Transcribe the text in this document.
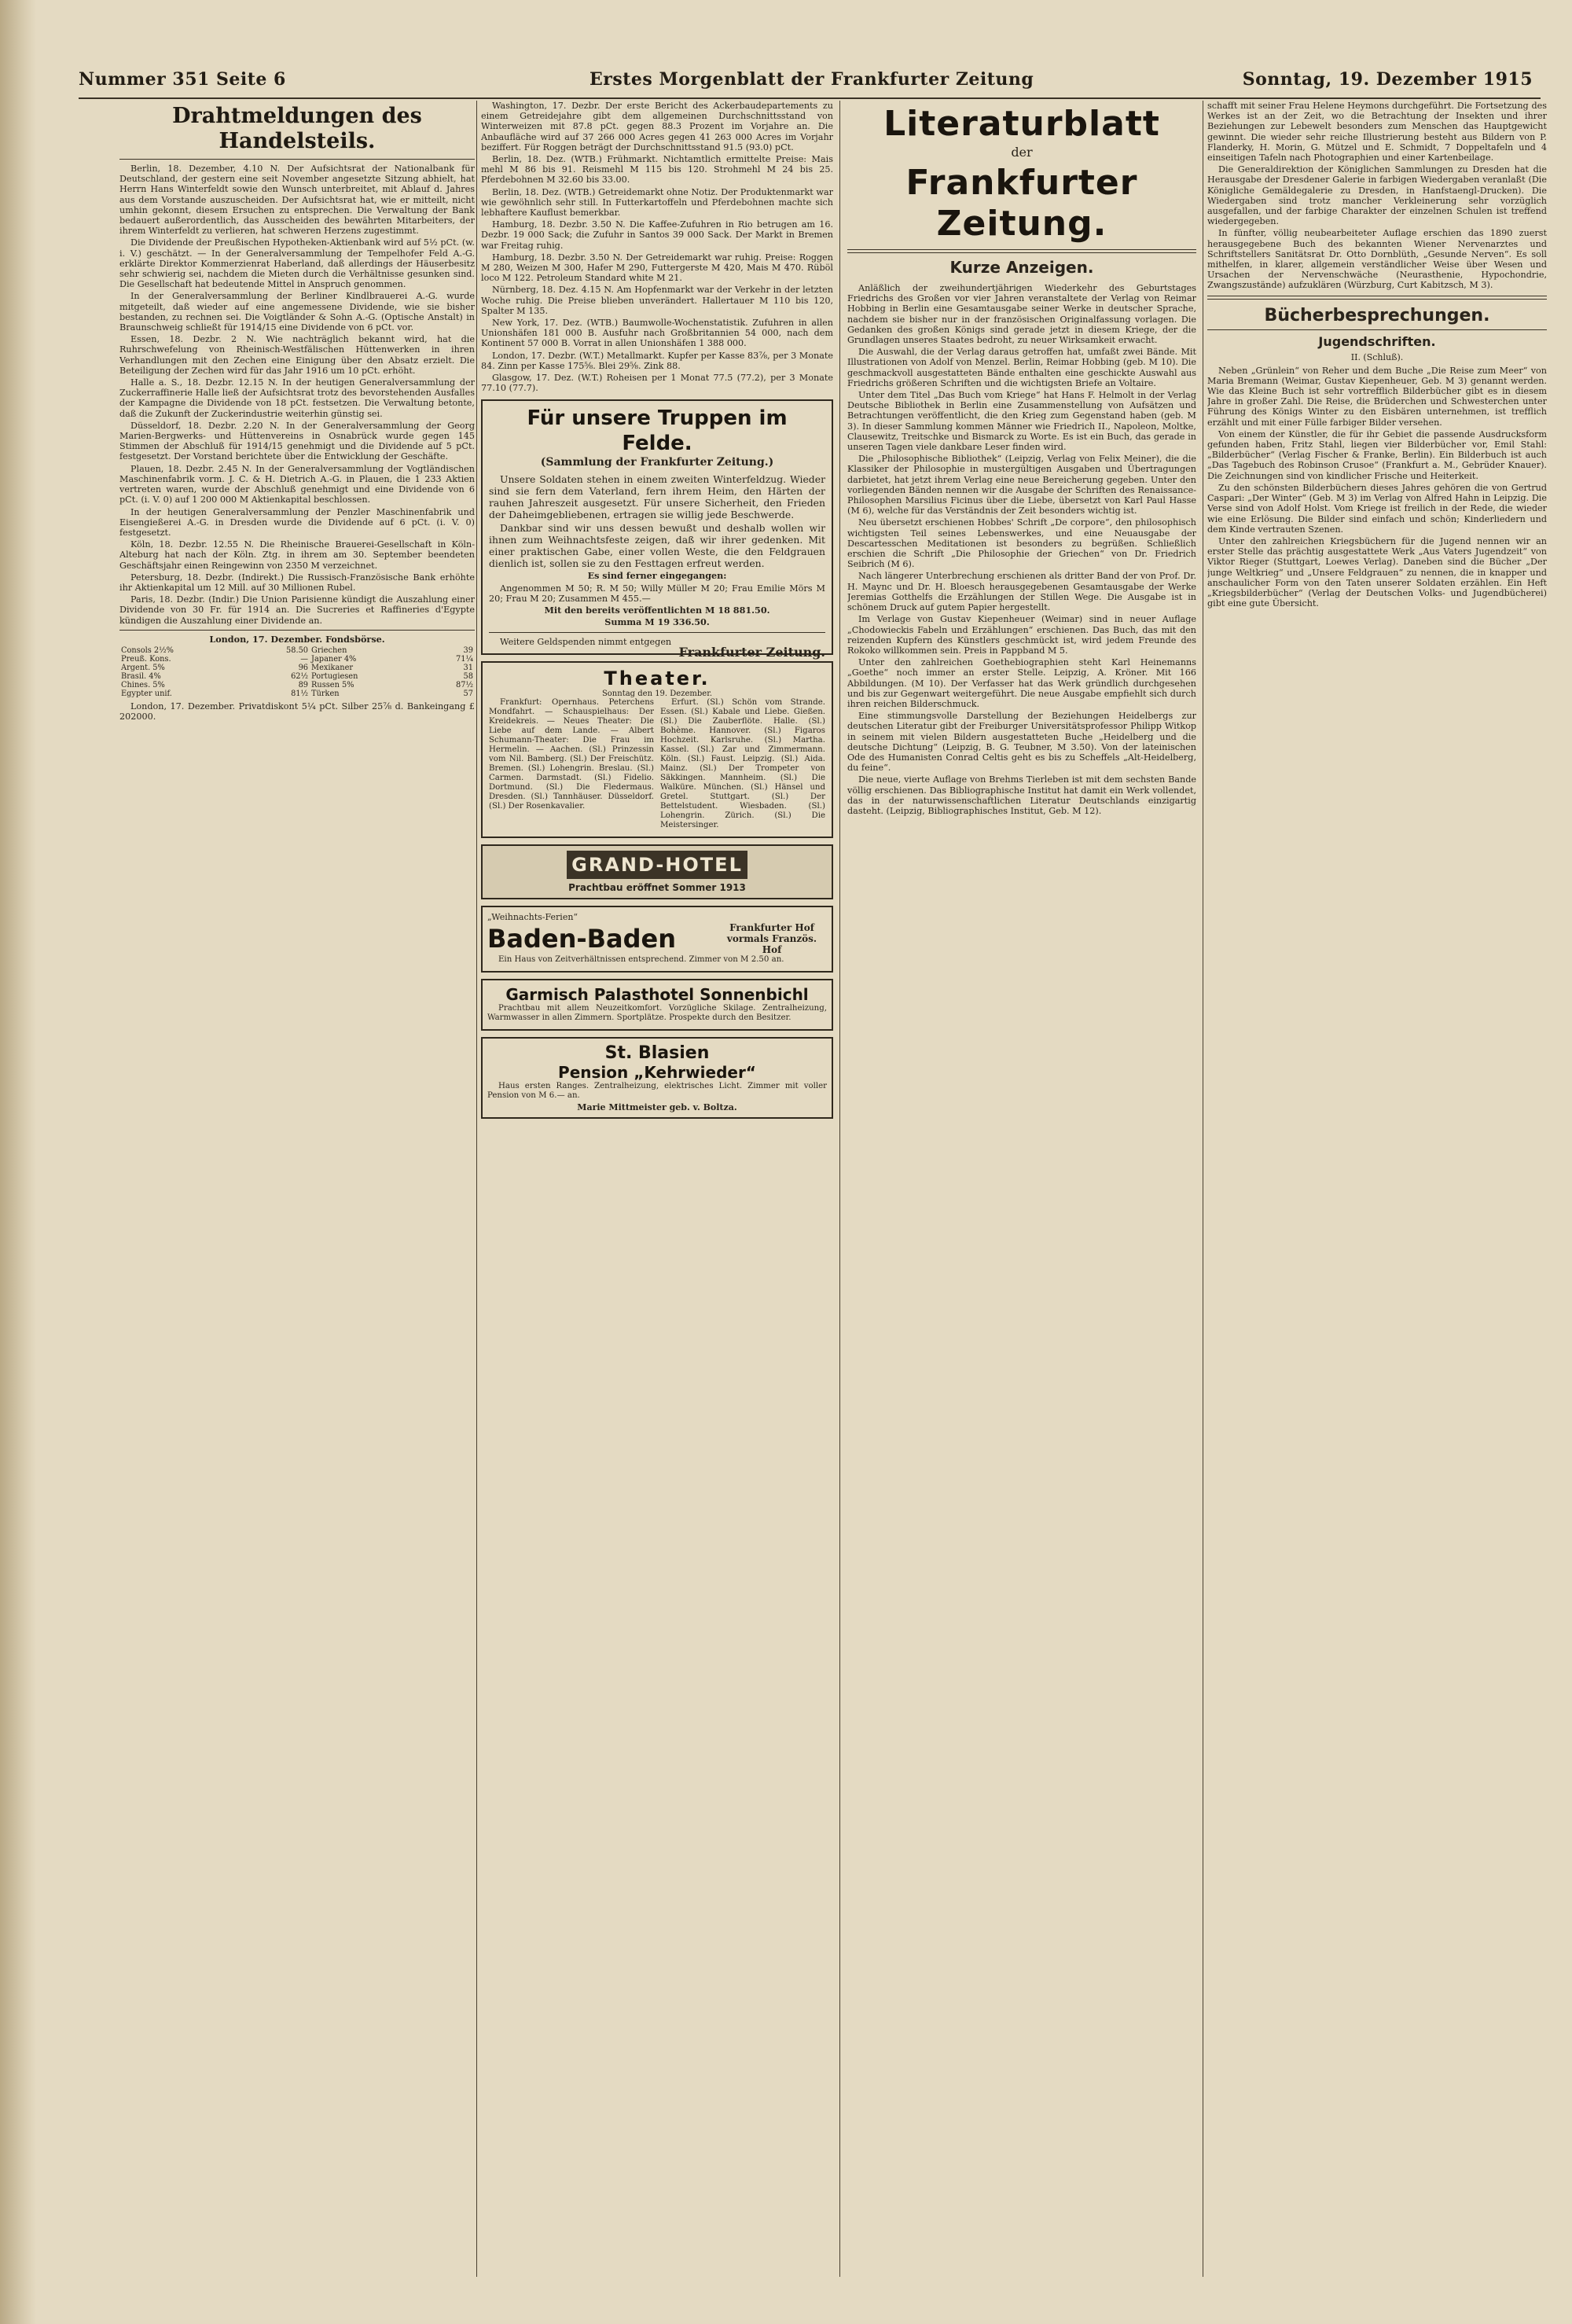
Nummer 351 Seite 6	Erstes Morgenblatt der Frankfurter Zeitung	Sonntag, 19. Dezember 1915
Drahtmeldungen des Handelsteils.

Berlin, 18. Dezember, 4.10 N. Der Aufsichtsrat der Nationalbank für Deutschland, der gestern eine seit November angesetzte Sitzung abhielt, hat Herrn Hans Winterfeldt sowie den Wunsch unterbreitet, mit Ablauf d. Jahres aus dem Vorstande auszuscheiden. Der Aufsichtsrat hat, wie er mitteilt, nicht umhin gekonnt, diesem Ersuchen zu entsprechen. Die Verwaltung der Bank bedauert außerordentlich, das Ausscheiden des bewährten Mitarbeiters, der ihrem Winterfeldt zu verlieren, hat schweren Herzens zugestimmt.

Die Dividende der Preußischen Hypotheken-Aktienbank wird auf 5½ pCt. (w. i. V.) geschätzt. — In der Generalversammlung der Tempelhofer Feld A.-G. erklärte Direktor Kommerzienrat Haberland, daß allerdings der Häuserbesitz sehr schwierig sei, nachdem die Mieten durch die Verhältnisse gesunken sind. Die Gesellschaft hat bedeutende Mittel in Anspruch genommen.

In der Generalversammlung der Berliner Kindlbrauerei A.-G. wurde mitgeteilt, daß wieder auf eine angemessene Dividende, wie sie bisher bestanden, zu rechnen sei. Die Voigtländer & Sohn A.-G. (Optische Anstalt) in Braunschweig schließt für 1914/15 eine Dividende von 6 pCt. vor.

Essen, 18. Dezbr. 2 N. Wie nachträglich bekannt wird, hat die Ruhrschwefelung von Rheinisch-Westfälischen Hüttenwerken in ihren Verhandlungen mit den Zechen eine Einigung über den Absatz erzielt. Die Beteiligung der Zechen wird für das Jahr 1916 um 10 pCt. erhöht.

Halle a. S., 18. Dezbr. 12.15 N. In der heutigen Generalversammlung der Zuckerraffinerie Halle ließ der Aufsichtsrat trotz des bevorstehenden Ausfalles der Kampagne die Dividende von 18 pCt. festsetzen. Die Verwaltung betonte, daß die Zukunft der Zuckerindustrie weiterhin günstig sei.

Düsseldorf, 18. Dezbr. 2.20 N. In der Generalversammlung der Georg Marien-Bergwerks- und Hüttenvereins in Osnabrück wurde gegen 145 Stimmen der Abschluß für 1914/15 genehmigt und die Dividende auf 5 pCt. festgesetzt. Der Vorstand berichtete über die Entwicklung der Geschäfte.

Plauen, 18. Dezbr. 2.45 N. In der Generalversammlung der Vogtländischen Maschinenfabrik vorm. J. C. & H. Dietrich A.-G. in Plauen, die 1 233 Aktien vertreten waren, wurde der Abschluß genehmigt und eine Dividende von 6 pCt. (i. V. 0) auf 1 200 000 M Aktienkapital beschlossen.

In der heutigen Generalversammlung der Penzler Maschinenfabrik und Eisengießerei A.-G. in Dresden wurde die Dividende auf 6 pCt. (i. V. 0) festgesetzt.

Köln, 18. Dezbr. 12.55 N. Die Rheinische Brauerei-Gesellschaft in Köln-Alteburg hat nach der Köln. Ztg. in ihrem am 30. September beendeten Geschäftsjahr einen Reingewinn von 2350 M verzeichnet.

Petersburg, 18. Dezbr. (Indirekt.) Die Russisch-Französische Bank erhöhte ihr Aktienkapital um 12 Mill. auf 30 Millionen Rubel.

Paris, 18. Dezbr. (Indir.) Die Union Parisienne kündigt die Auszahlung einer Dividende von 30 Fr. für 1914 an. Die Sucreries et Raffineries d'Egypte kündigen die Auszahlung einer Dividende an.

London, 17. Dezember. Fondsbörse.

Consols 2½%	58.50	Griechen	39
Preuß. Kons.	—	Japaner 4%	71¼
Argent. 5%	96	Mexikaner	31
Brasil. 4%	62½	Portugiesen	58
Chines. 5%	89	Russen 5%	87½
Egypter unif.	81½	Türken	57

London, 17. Dezember. Privatdiskont 5¼ pCt. Silber 25⅞ d. Bankeingang £ 202000.

Washington, 17. Dezbr. Der erste Bericht des Ackerbaudepartements zu einem Getreidejahre gibt dem allgemeinen Durchschnittsstand von Winterweizen mit 87.8 pCt. gegen 88.3 Prozent im Vorjahre an. Die Anbaufläche wird auf 37 266 000 Acres gegen 41 263 000 Acres im Vorjahr beziffert. Für Roggen beträgt der Durchschnittsstand 91.5 (93.0) pCt.

Berlin, 18. Dez. (WTB.) Frühmarkt. Nichtamtlich ermittelte Preise: Mais mehl M 86 bis 91. Reismehl M 115 bis 120. Strohmehl M 24 bis 25. Pferdebohnen M 32.60 bis 33.00.

Berlin, 18. Dez. (WTB.) Getreidemarkt ohne Notiz. Der Produktenmarkt war wie gewöhnlich sehr still. In Futterkartoffeln und Pferdebohnen machte sich lebhaftere Kauflust bemerkbar.

Hamburg, 18. Dezbr. 3.50 N. Die Kaffee-Zufuhren in Rio betrugen am 16. Dezbr. 19 000 Sack; die Zufuhr in Santos 39 000 Sack. Der Markt in Bremen war Freitag ruhig.

Hamburg, 18. Dezbr. 3.50 N. Der Getreidemarkt war ruhig. Preise: Roggen M 280, Weizen M 300, Hafer M 290, Futtergerste M 420, Mais M 470. Rüböl loco M 122. Petroleum Standard white M 21.

Nürnberg, 18. Dez. 4.15 N. Am Hopfenmarkt war der Verkehr in der letzten Woche ruhig. Die Preise blieben unverändert. Hallertauer M 110 bis 120, Spalter M 135.

New York, 17. Dez. (WTB.) Baumwolle-Wochenstatistik. Zufuhren in allen Unionshäfen 181 000 B. Ausfuhr nach Großbritannien 54 000, nach dem Kontinent 57 000 B. Vorrat in allen Unionshäfen 1 388 000.

London, 17. Dezbr. (W.T.) Metallmarkt. Kupfer per Kasse 83⅞, per 3 Monate 84. Zinn per Kasse 175⅝. Blei 29⅝. Zink 88.

Glasgow, 17. Dez. (W.T.) Roheisen per 1 Monat 77.5 (77.2), per 3 Monate 77.10 (77.7).

Für unsere Truppen im Felde.
(Sammlung der Frankfurter Zeitung.)

Unsere Soldaten stehen in einem zweiten Winterfeldzug. Wieder sind sie fern dem Vaterland, fern ihrem Heim, den Härten der rauhen Jahreszeit ausgesetzt. Für unsere Sicherheit, den Frieden der Daheimgebliebenen, ertragen sie willig jede Beschwerde.

Dankbar sind wir uns dessen bewußt und deshalb wollen wir ihnen zum Weihnachtsfeste zeigen, daß wir ihrer gedenken. Mit einer praktischen Gabe, einer vollen Weste, die den Feldgrauen dienlich ist, sollen sie zu den Festtagen erfreut werden.

Es sind ferner eingegangen:

Angenommen M 50; R. M 50; Willy Müller M 20; Frau Emilie Mörs M 20; Frau M 20; Zusammen M 455.—

Mit den bereits veröffentlichten M 18 881.50.

Summa M 19 336.50.

Weitere Geldspenden nimmt entgegen
Frankfurter Zeitung.

Theater.
Sonntag den 19. Dezember.

Frankfurt: Opernhaus. Peterchens Mondfahrt. — Schauspielhaus: Der Kreidekreis. — Neues Theater: Die Liebe auf dem Lande. — Albert Schumann-Theater: Die Frau im Hermelin. — Aachen. (Sl.) Prinzessin vom Nil. Bamberg. (Sl.) Der Freischütz. Bremen. (Sl.) Lohengrin. Breslau. (Sl.) Carmen. Darmstadt. (Sl.) Fidelio. Dortmund. (Sl.) Die Fledermaus. Dresden. (Sl.) Tannhäuser. Düsseldorf. (Sl.) Der Rosenkavalier.

Erfurt. (Sl.) Schön vom Strande. Essen. (Sl.) Kabale und Liebe. Gießen. (Sl.) Die Zauberflöte. Halle. (Sl.) Bohème. Hannover. (Sl.) Figaros Hochzeit. Karlsruhe. (Sl.) Martha. Kassel. (Sl.) Zar und Zimmermann. Köln. (Sl.) Faust. Leipzig. (Sl.) Aida. Mainz. (Sl.) Der Trompeter von Säkkingen. Mannheim. (Sl.) Die Walküre. München. (Sl.) Hänsel und Gretel. Stuttgart. (Sl.) Der Bettelstudent. Wiesbaden. (Sl.) Lohengrin. Zürich. (Sl.) Die Meistersinger.

GRAND-HOTEL
Prachtbau eröffnet Sommer 1913
„Weihnachts-Ferien“
Baden-Baden	Frankfurter Hof vormals Französ. Hof

Ein Haus von Zeitverhältnissen entsprechend. Zimmer von M 2.50 an.

Garmisch Palasthotel Sonnenbichl

Prachtbau mit allem Neuzeitkomfort. Vorzügliche Skilage. Zentralheizung, Warmwasser in allen Zimmern. Sportplätze. Prospekte durch den Besitzer.

St. Blasien
Pension „Kehrwieder“

Haus ersten Ranges. Zentralheizung, elektrisches Licht. Zimmer mit voller Pension von M 6.— an.

Marie Mittmeister geb. v. Boltza.
Literaturblatt
der
Frankfurter Zeitung.
Kurze Anzeigen.

Anläßlich der zweihundertjährigen Wiederkehr des Geburtstages Friedrichs des Großen vor vier Jahren veranstaltete der Verlag von Reimar Hobbing in Berlin eine Gesamtausgabe seiner Werke in deutscher Sprache, nachdem sie bisher nur in der französischen Originalfassung vorlagen. Die Gedanken des großen Königs sind gerade jetzt in diesem Kriege, der die Grundlagen unseres Staates bedroht, zu neuer Wirksamkeit erwacht.

Die Auswahl, die der Verlag daraus getroffen hat, umfaßt zwei Bände. Mit Illustrationen von Adolf von Menzel. Berlin, Reimar Hobbing (geb. M 10). Die geschmackvoll ausgestatteten Bände enthalten eine geschickte Auswahl aus Friedrichs größeren Schriften und die wichtigsten Briefe an Voltaire.

Unter dem Titel „Das Buch vom Kriege“ hat Hans F. Helmolt in der Verlag Deutsche Bibliothek in Berlin eine Zusammenstellung von Aufsätzen und Betrachtungen veröffentlicht, die den Krieg zum Gegenstand haben (geb. M 3). In dieser Sammlung kommen Männer wie Friedrich II., Napoleon, Moltke, Clausewitz, Treitschke und Bismarck zu Worte. Es ist ein Buch, das gerade in unseren Tagen viele dankbare Leser finden wird.

Die „Philosophische Bibliothek“ (Leipzig, Verlag von Felix Meiner), die die Klassiker der Philosophie in mustergültigen Ausgaben und Übertragungen darbietet, hat jetzt ihrem Verlag eine neue Bereicherung gegeben. Unter den vorliegenden Bänden nennen wir die Ausgabe der Schriften des Renaissance-Philosophen Marsilius Ficinus über die Liebe, übersetzt von Karl Paul Hasse (M 6), welche für das Verständnis der Zeit besonders wichtig ist.

Neu übersetzt erschienen Hobbes' Schrift „De corpore“, den philosophisch wichtigsten Teil seines Lebenswerkes, und eine Neuausgabe der Descartesschen Meditationen ist besonders zu begrüßen. Schließlich erschien die Schrift „Die Philosophie der Griechen“ von Dr. Friedrich Seibrich (M 6).

Nach längerer Unterbrechung erschienen als dritter Band der von Prof. Dr. H. Maync und Dr. H. Bloesch herausgegebenen Gesamtausgabe der Werke Jeremias Gotthelfs die Erzählungen der Stillen Wege. Die Ausgabe ist in schönem Druck auf gutem Papier hergestellt.

Im Verlage von Gustav Kiepenheuer (Weimar) sind in neuer Auflage „Chodowieckis Fabeln und Erzählungen“ erschienen. Das Buch, das mit den reizenden Kupfern des Künstlers geschmückt ist, wird jedem Freunde des Rokoko willkommen sein. Preis in Pappband M 5.

Unter den zahlreichen Goethebiographien steht Karl Heinemanns „Goethe“ noch immer an erster Stelle. Leipzig, A. Kröner. Mit 166 Abbildungen. (M 10). Der Verfasser hat das Werk gründlich durchgesehen und bis zur Gegenwart weitergeführt. Die neue Ausgabe empfiehlt sich durch ihren reichen Bilderschmuck.

Eine stimmungsvolle Darstellung der Beziehungen Heidelbergs zur deutschen Literatur gibt der Freiburger Universitätsprofessor Philipp Witkop in seinem mit vielen Bildern ausgestatteten Buche „Heidelberg und die deutsche Dichtung“ (Leipzig, B. G. Teubner, M 3.50). Von der lateinischen Ode des Humanisten Conrad Celtis geht es bis zu Scheffels „Alt-Heidelberg, du feine“.

Die neue, vierte Auflage von Brehms Tierleben ist mit dem sechsten Bande völlig erschienen. Das Bibliographische Institut hat damit ein Werk vollendet, das in der naturwissenschaftlichen Literatur Deutschlands einzigartig dasteht. (Leipzig, Bibliographisches Institut, Geb. M 12).

schafft mit seiner Frau Helene Heymons durchgeführt. Die Fortsetzung des Werkes ist an der Zeit, wo die Betrachtung der Insekten und ihrer Beziehungen zur Lebewelt besonders zum Menschen das Hauptgewicht gewinnt. Die wieder sehr reiche Illustrierung besteht aus Bildern von P. Flanderky, H. Morin, G. Mützel und E. Schmidt, 7 Doppeltafeln und 4 einseitigen Tafeln nach Photographien und einer Kartenbeilage.

Die Generaldirektion der Königlichen Sammlungen zu Dresden hat die Herausgabe der Dresdener Galerie in farbigen Wiedergaben veranlaßt (Die Königliche Gemäldegalerie zu Dresden, in Hanfstaengl-Drucken). Die Wiedergaben sind trotz mancher Verkleinerung sehr vorzüglich ausgefallen, und der farbige Charakter der einzelnen Schulen ist treffend wiedergegeben.

In fünfter, völlig neubearbeiteter Auflage erschien das 1890 zuerst herausgegebene Buch des bekannten Wiener Nervenarztes und Schriftstellers Sanitätsrat Dr. Otto Dornblüth, „Gesunde Nerven“. Es soll mithelfen, in klarer, allgemein verständlicher Weise über Wesen und Ursachen der Nervenschwäche (Neurasthenie, Hypochondrie, Zwangszustände) aufzuklären (Würzburg, Curt Kabitzsch, M 3).

Bücherbesprechungen.
Jugendschriften.
II. (Schluß).

Neben „Grünlein“ von Reher und dem Buche „Die Reise zum Meer“ von Maria Bremann (Weimar, Gustav Kiepenheuer, Geb. M 3) genannt werden. Wie das Kleine Buch ist sehr vortrefflich Bilderbücher gibt es in diesem Jahre in großer Zahl. Die Reise, die Brüderchen und Schwesterchen unter Führung des Königs Winter zu den Eisbären unternehmen, ist trefflich erzählt und mit einer Fülle farbiger Bilder versehen.

Von einem der Künstler, die für ihr Gebiet die passende Ausdrucksform gefunden haben, Fritz Stahl, liegen vier Bilderbücher vor, Emil Stahl: „Bilderbücher“ (Verlag Fischer & Franke, Berlin). Ein Bilderbuch ist auch „Das Tagebuch des Robinson Crusoe“ (Frankfurt a. M., Gebrüder Knauer). Die Zeichnungen sind von kindlicher Frische und Heiterkeit.

Zu den schönsten Bilderbüchern dieses Jahres gehören die von Gertrud Caspari: „Der Winter“ (Geb. M 3) im Verlag von Alfred Hahn in Leipzig. Die Verse sind von Adolf Holst. Vom Kriege ist freilich in der Rede, die wieder wie eine Erlösung. Die Bilder sind einfach und schön; Kinderliedern und dem Kinde vertrauten Szenen.

Unter den zahlreichen Kriegsbüchern für die Jugend nennen wir an erster Stelle das prächtig ausgestattete Werk „Aus Vaters Jugendzeit“ von Viktor Rieger (Stuttgart, Loewes Verlag). Daneben sind die Bücher „Der junge Weltkrieg“ und „Unsere Feldgrauen“ zu nennen, die in knapper und anschaulicher Form von den Taten unserer Soldaten erzählen. Ein Heft „Kriegsbilderbücher“ (Verlag der Deutschen Volks- und Jugendbücherei) gibt eine gute Übersicht.
